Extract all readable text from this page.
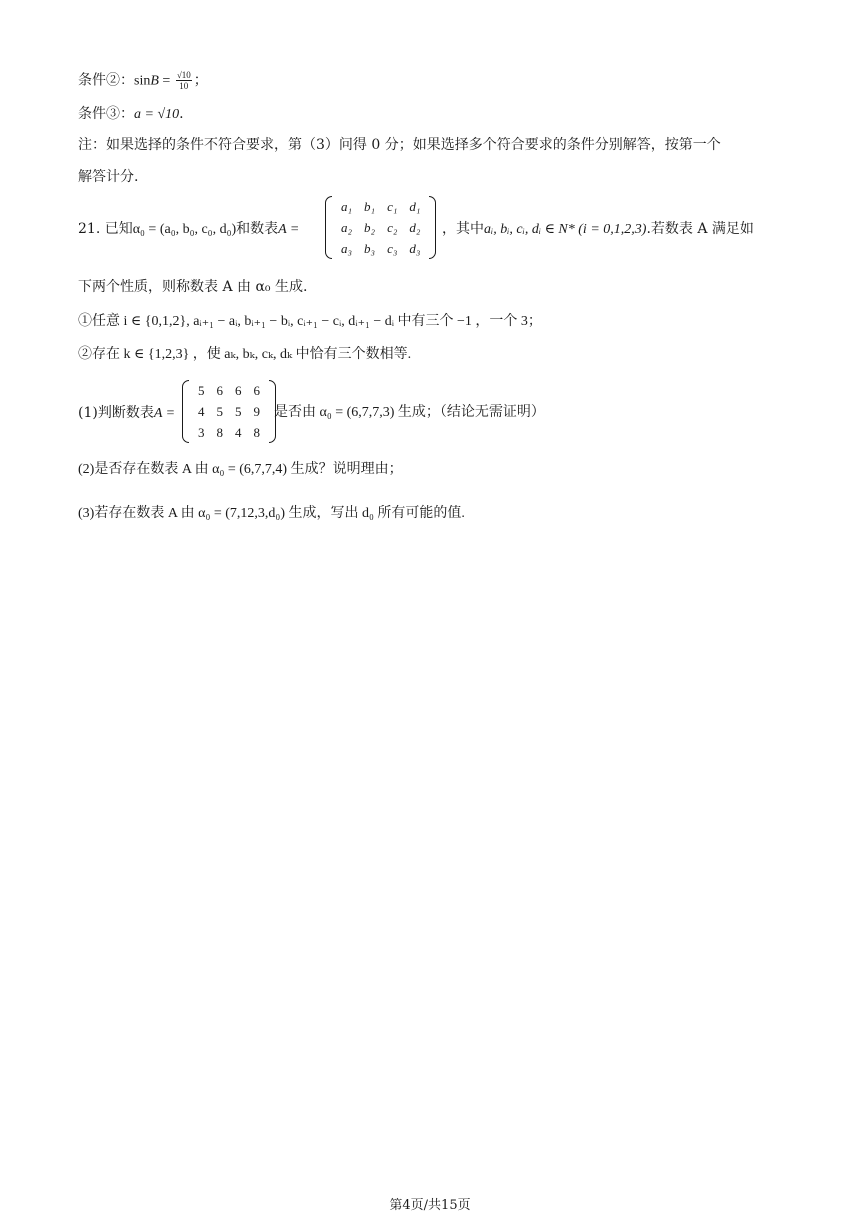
条件②：$\sin B = \frac{√10}{10}$ ；
条件③：a = √10.
注：如果选择的条件不符合要求，第（3）问得 0 分；如果选择多个符合要求的条件分别解答，按第一个
解答计分.
21. 已知α₀ = (a₀, b₀, c₀, d₀)和数表A =
a₁	b₁	c₁	d₁
a₂	b₂	c₂	d₂
a₃	b₃	c₃	d₃
，其中aᵢ, bᵢ, cᵢ, dᵢ ∈ N* (i = 0,1,2,3).若数表 A 满足如
下两个性质，则称数表 A 由 α₀ 生成.
①任意 i ∈ {0,1,2}, aᵢ₊₁ − aᵢ, bᵢ₊₁ − bᵢ, cᵢ₊₁ − cᵢ, dᵢ₊₁ − dᵢ 中有三个 −1 ，一个 3；
②存在 k ∈ {1,2,3} ，使 aₖ, bₖ, cₖ, dₖ 中恰有三个数相等.
(1)判断数表A =
5	6	6	6
4	5	5	9
3	8	4	8
是否由 α₀ = (6,7,7,3) 生成；（结论无需证明）
(2)是否存在数表 A 由 α₀ = (6,7,7,4) 生成？说明理由；
(3)若存在数表 A 由 α₀ = (7,12,3,d₀) 生成，写出 d₀ 所有可能的值.
第4页/共15页
